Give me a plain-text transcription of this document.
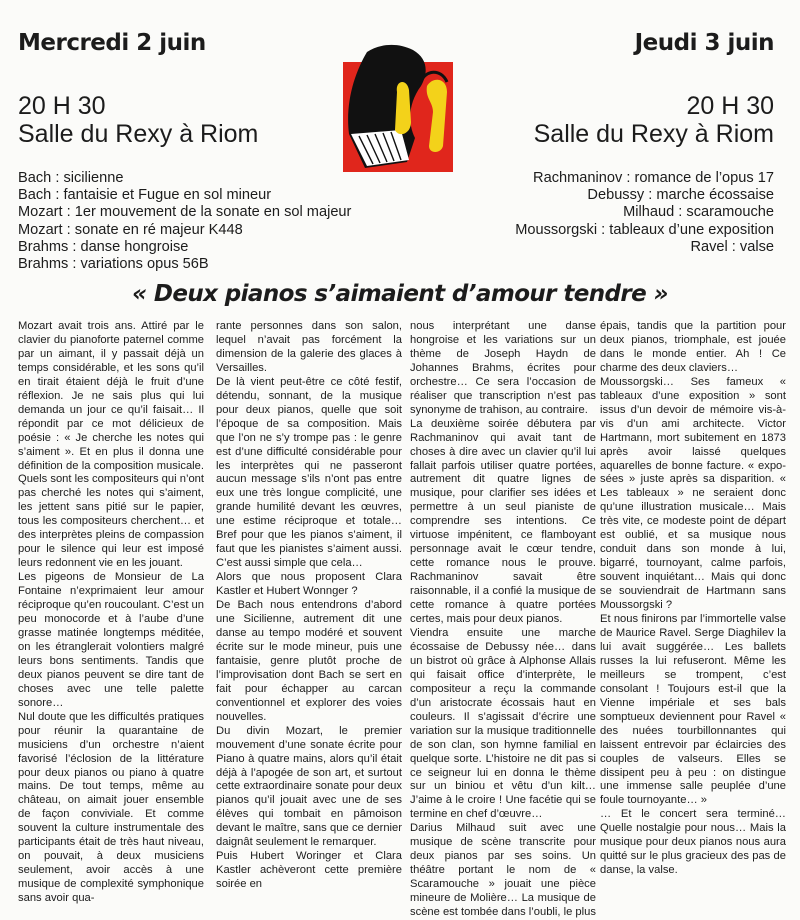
Mercredi 2 juin	Jeudi 3 juin

20 H 30

Salle du Rexy à Riom

20 H 30

Salle du Rexy à Riom

Bach : sicilienne
Bach : fantaisie et Fugue en sol mineur
Mozart : 1er mouvement de la sonate en sol majeur
Mozart : sonate en ré majeur K448
Brahms : danse hongroise
Brahms : variations opus 56B
Rachmaninov : romance de l’opus 17
Debussy : marche écossaise
Milhaud : scaramouche
Moussorgski : tableaux d’une exposition
Ravel : valse
« Deux pianos s’aimaient d’amour tendre »

Mozart avait trois ans. Attiré par le clavier du pianoforte paternel comme par un aimant, il y passait déjà un temps considérable, et les sons qu’il en tirait étaient déjà le fruit d’une réflexion. Je ne sais plus qui lui demanda un jour ce qu’il faisait… Il répondit par ce mot délicieux de poésie : « Je cherche les notes qui s’aiment ». Et en plus il donna une définition de la composition musicale. Quels sont les compositeurs qui n’ont pas cherché les notes qui s’aiment, les jettent sans pitié sur le papier, tous les compositeurs cherchent… et des interprètes pleins de compassion pour le silence qui leur est imposé leurs redonnent vie en les jouant.

Les pigeons de Monsieur de La Fontaine n’exprimaient leur amour réciproque qu’en roucoulant. C’est un peu monocorde et à l’aube d’une grasse matinée longtemps méditée, on les étranglerait volontiers malgré leurs bons sentiments. Tandis que deux pianos peuvent se dire tant de choses avec une telle palette sonore…

Nul doute que les difficultés pratiques pour réunir la quarantaine de musiciens d’un orchestre n’aient favorisé l’éclosion de la littérature pour deux pianos ou piano à quatre mains. De tout temps, même au château, on aimait jouer ensemble de façon conviviale. Et comme souvent la culture instrumentale des participants était de très haut niveau, on pouvait, à deux musiciens seulement, avoir accès à une musique de complexité symphonique sans avoir qua-

rante personnes dans son salon, lequel n’avait pas forcément la dimension de la galerie des glaces à Versailles.

De là vient peut-être ce côté festif, détendu, sonnant, de la musique pour deux pianos, quelle que soit l’époque de sa composition. Mais que l’on ne s’y trompe pas : le genre est d’une difficulté considérable pour les interprètes qui ne passeront aucun message s’ils n’ont pas entre eux une très longue complicité, une grande humilité devant les œuvres, une estime réciproque et totale… Bref pour que les pianos s’aiment, il faut que les pianistes s’aiment aussi. C’est aussi simple que cela…

Alors que nous proposent Clara Kastler et Hubert Wonnger ?

De Bach nous entendrons d’abord une Sicilienne, autrement dit une danse au tempo modéré et souvent écrite sur le mode mineur, puis une fantaisie, genre plutôt proche de l’improvisation dont Bach se sert en fait pour échapper au carcan conventionnel et explorer des voies nouvelles.

Du divin Mozart, le premier mouvement d’une sonate écrite pour Piano à quatre mains, alors qu’il était déjà à l’apogée de son art, et surtout cette extraordinaire sonate pour deux pianos qu’il jouait avec une de ses élèves qui tombait en pâmoison devant le maître, sans que ce dernier daignât seulement le remarquer.

Puis Hubert Woringer et Clara Kastler achèveront cette première soirée en

nous interprétant une danse hongroise et les variations sur un thème de Joseph Haydn de Johannes Brahms, écrites pour orchestre… Ce sera l’occasion de réaliser que transcription n’est pas synonyme de trahison, au contraire.

La deuxième soirée débutera par Rachmaninov qui avait tant de choses à dire avec un clavier qu’il lui fallait parfois utiliser quatre portées, autrement dit quatre lignes de musique, pour clarifier ses idées et permettre à un seul pianiste de comprendre ses intentions. Ce virtuose impénitent, ce flamboyant personnage avait le cœur tendre, cette romance nous le prouve. Rachmaninov savait être raisonnable, il a confié la musique de cette romance à quatre portées certes, mais pour deux pianos.

Viendra ensuite une marche écossaise de Debussy née… dans un bistrot où grâce à Alphonse Allais qui faisait office d’interprète, le compositeur a reçu la commande d’un aristocrate écossais haut en couleurs. Il s’agissait d’écrire une variation sur la musique traditionnelle de son clan, son hymne familial en quelque sorte. L’histoire ne dit pas si ce seigneur lui en donna le thème sur un biniou et vêtu d’un kilt… J’aime à le croire ! Une facétie qui se termine en chef d’œuvre…

Darius Milhaud suit avec une musique de scène transcrite pour deux pianos par ses soins. Un théâtre portant le nom de « Scaramouche » jouait une pièce mineure de Molière… La musique de scène est tombée dans l’oubli, le plus

épais, tandis que la partition pour deux pianos, triomphale, est jouée dans le monde entier. Ah ! Ce charme des deux claviers…

Moussorgski… Ses fameux « tableaux d’une exposition » sont issus d’un devoir de mémoire vis-à-vis d’un ami architecte. Victor Hartmann, mort subitement en 1873 après avoir laissé quelques aquarelles de bonne facture. « expo-sées » juste après sa disparition. « Les tableaux » ne seraient donc qu’une illustration musicale… Mais très vite, ce modeste point de départ est oublié, et sa musique nous conduit dans son monde à lui, bigarré, tournoyant, calme parfois, souvent inquiétant… Mais qui donc se souviendrait de Hartmann sans Moussorgski ?

Et nous finirons par l’immortelle valse de Maurice Ravel. Serge Diaghilev la lui avait suggérée… Les ballets russes la lui refuseront. Même les meilleurs se trompent, c’est consolant ! Toujours est-il que la Vienne impériale et ses bals somptueux deviennent pour Ravel « des nuées tourbillonnantes qui laissent entrevoir par éclaircies des couples de valseurs. Elles se dissipent peu à peu : on distingue une immense salle peuplée d’une foule tournoyante… »

… Et le concert sera terminé… Quelle nostalgie pour nous… Mais la musique pour deux pianos nous aura quitté sur le plus gracieux des pas de danse, la valse.
